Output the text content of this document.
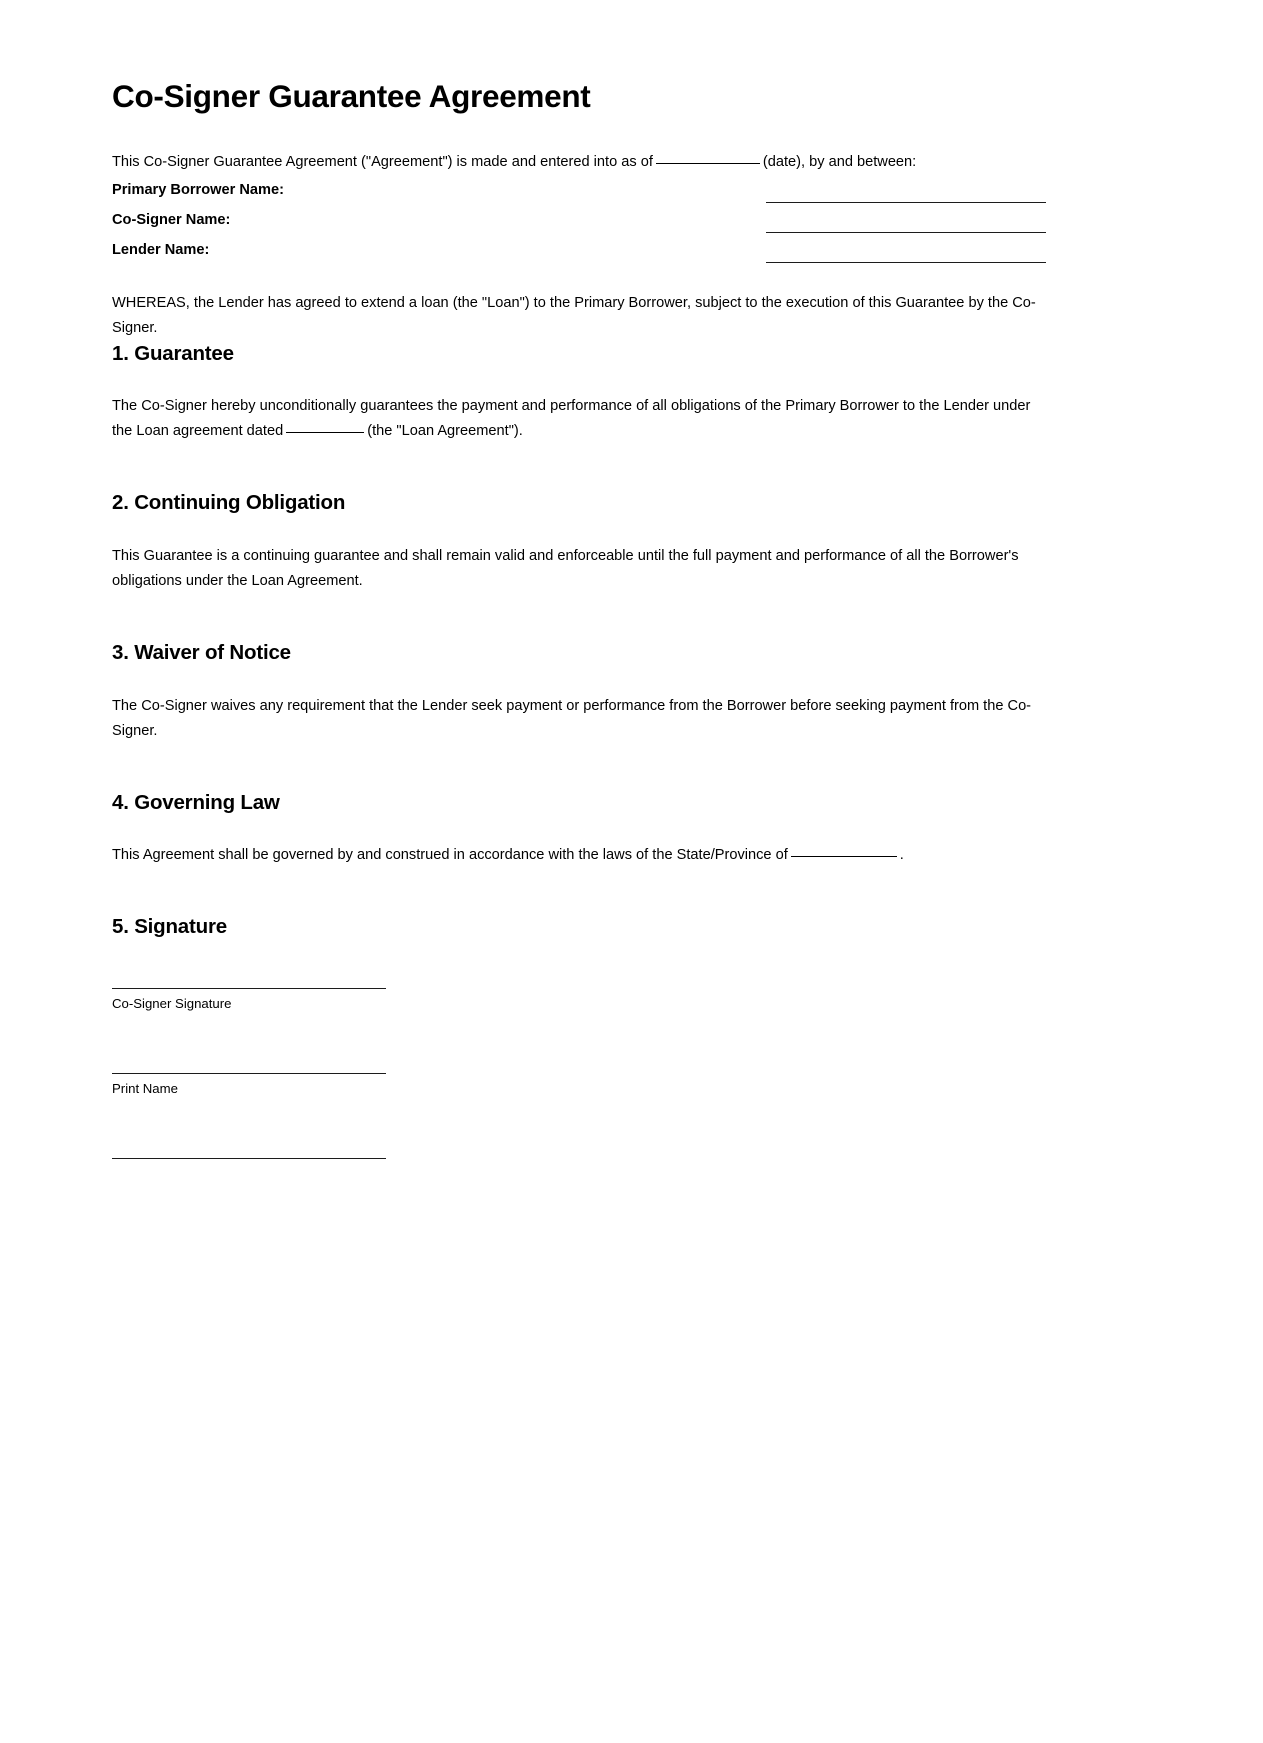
Co-Signer Guarantee Agreement

This Co-Signer Guarantee Agreement ("Agreement") is made and entered into as of	(date), by and between:

Primary Borrower Name:
Co-Signer Name:
Lender Name:

WHEREAS, the Lender has agreed to extend a loan (the "Loan") to the Primary Borrower, subject to the execution of this Guarantee by the Co-Signer.

1. Guarantee

The Co-Signer hereby unconditionally guarantees the payment and performance of all obligations of the Primary Borrower to the Lender under the Loan agreement dated	(the "Loan Agreement").

2. Continuing Obligation

This Guarantee is a continuing guarantee and shall remain valid and enforceable until the full payment and performance of all the Borrower's obligations under the Loan Agreement.

3. Waiver of Notice

The Co-Signer waives any requirement that the Lender seek payment or performance from the Borrower before seeking payment from the Co-Signer.

4. Governing Law

This Agreement shall be governed by and construed in accordance with the laws of the State/Province of	.

5. Signature
Co-Signer Signature
Print Name
